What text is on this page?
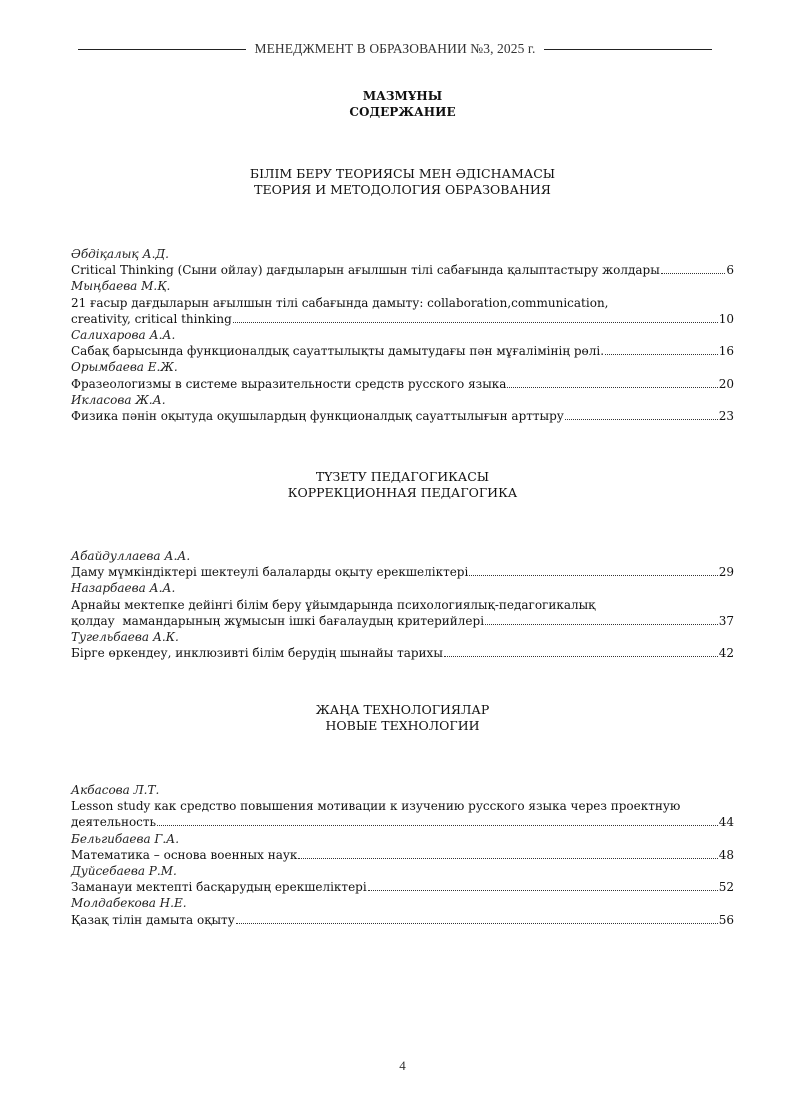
МЕНЕДЖМЕНТ В ОБРАЗОВАНИИ №3, 2025 г.
МАЗМҰНЫ
СОДЕРЖАНИЕ
БІЛІМ БЕРУ ТЕОРИЯСЫ МЕН ӘДІСНАМАСЫ
ТЕОРИЯ И МЕТОДОЛОГИЯ ОБРАЗОВАНИЯ
Әбдіқалық А.Д.
Critical Thinking (Сыни ойлау) дағдыларын ағылшын тілі сабағында қалыптастыру жолдары	6
Мыңбаева М.Қ.
21 ғасыр дағдыларын ағылшын тілі сабағында дамыту: collaboration,communication,
creativity, critical thinking	10
Салихарова А.А.
Сабақ барысында функционалдық сауаттылықты дамытудағы пән мұғалімінің рөлі.	16
Орымбаева Е.Ж.
Фразеологизмы в системе выразительности средств русского языка	20
Икласова Ж.А.
Физика пәнін оқытуда оқушылардың функционалдық сауаттылығын арттыру	23
ТҮЗЕТУ ПЕДАГОГИКАСЫ
КОРРЕКЦИОННАЯ ПЕДАГОГИКА
Абайдуллаева А.А.
Даму мүмкіндіктері шектеулі балаларды оқыту ерекшеліктері	29
Назарбаева А.А.
Арнайы мектепке дейінгі білім беру ұйымдарында психологиялық-педагогикалық
қолдау  мамандарының жұмысын ішкі бағалаудың критерийлері	37
Тугельбаева А.К.
Бірге өркендеу, инклюзивті білім берудің шынайы тарихы	42
ЖАҢА ТЕХНОЛОГИЯЛАР
НОВЫЕ ТЕХНОЛОГИИ
Акбасова Л.Т.
Lesson study как средство повышения мотивации к изучению русского языка через проектную
деятельность	44
Бельгибаева Г.А.
Математика – основа военных наук	48
Дуйсебаева Р.М.
Заманауи мектепті басқарудың ерекшеліктері	52
Молдабекова Н.Е.
Қазақ тілін дамыта оқыту	56
4
